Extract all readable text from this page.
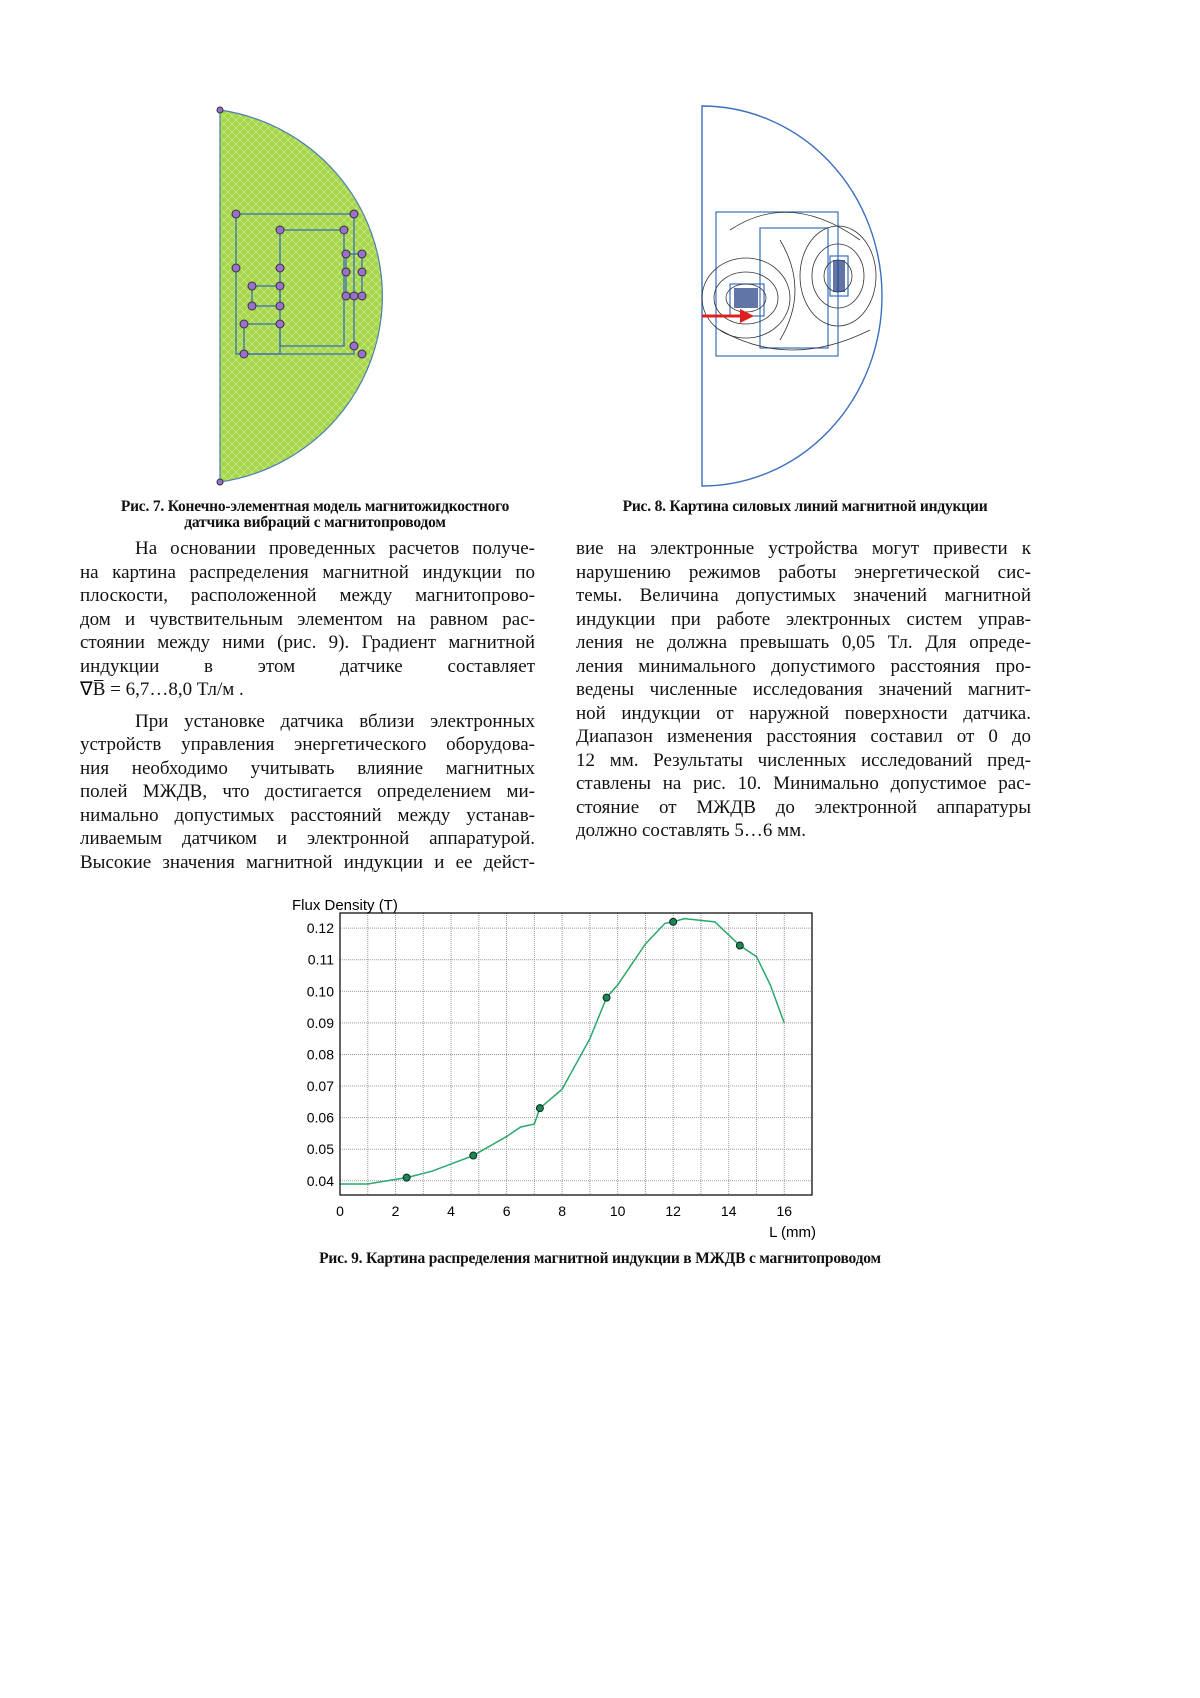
Рис. 7. Конечно-элементная модель магнитожидкостного
датчика вибраций с магнитопроводом
Рис. 8. Картина силовых линий магнитной индукции
На основании проведенных расчетов получе-
на картина распределения магнитной индукции по
плоскости, расположенной между магнитопрово-
дом и чувствительным элементом на равном рас-
стоянии между ними (рис. 9). Градиент магнитной
индукции в этом датчике составляет
∇B̅ = 6,7…8,0 Тл/м .
При установке датчика вблизи электронных
устройств управления энергетического оборудова-
ния необходимо учитывать влияние магнитных
полей МЖДВ, что достигается определением ми-
нимально допустимых расстояний между устанав-
ливаемым датчиком и электронной аппаратурой.
Высокие значения магнитной индукции и ее дейст-
вие на электронные устройства могут привести к
нарушению режимов работы энергетической сис-
темы. Величина допустимых значений магнитной
индукции при работе электронных систем управ-
ления не должна превышать 0,05 Тл. Для опреде-
ления минимального допустимого расстояния про-
ведены численные исследования значений магнит-
ной индукции от наружной поверхности датчика.
Диапазон изменения расстояния составил от 0 до
12 мм. Результаты численных исследований пред-
ставлены на рис. 10. Минимально допустимое рас-
стояние от МЖДВ до электронной аппаратуры
должно составлять 5…6 мм.
Flux Density (T)
L (mm)
0.04
0.05
0.06
0.07
0.08
0.09
0.10
0.11
0.12
0	2	4	6	8	10	12	14	16
Рис. 9. Картина распределения магнитной индукции в МЖДВ с магнитопроводом
